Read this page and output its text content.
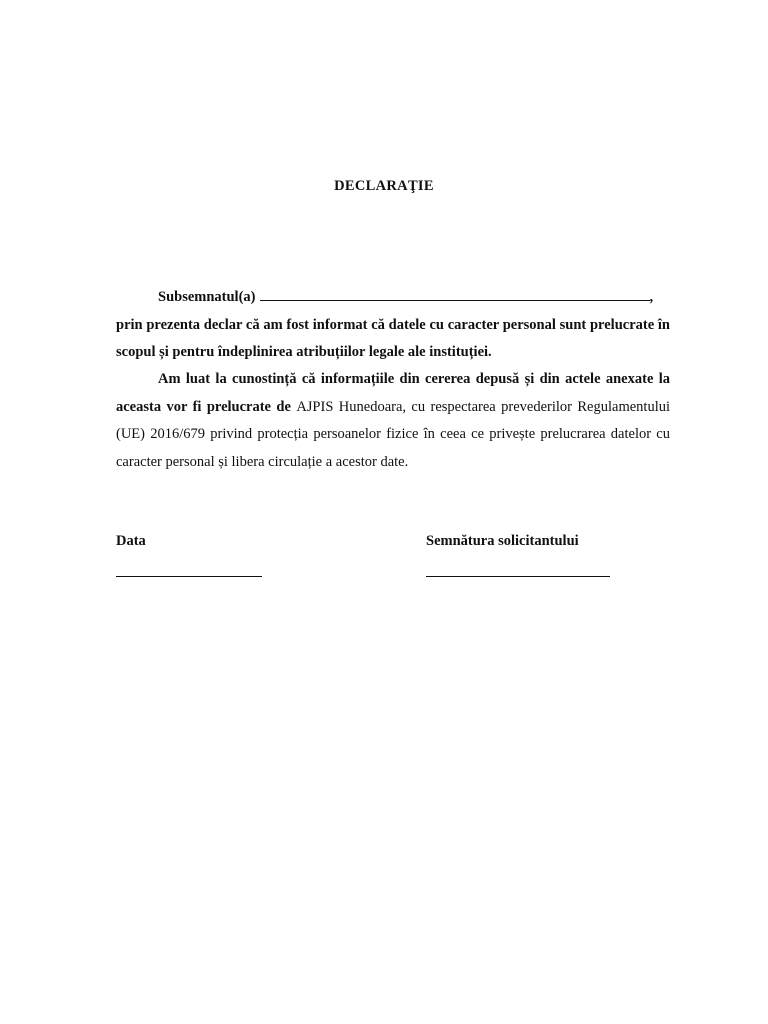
DECLARAŢIE
Subsemnatul(a)	, prin prezenta declar că am fost informat că datele cu caracter personal sunt prelucrate în scopul și pentru îndeplinirea atribuțiilor legale ale instituției.
Am luat la cunostință că informațiile din cererea depusă și din actele anexate la aceasta vor fi prelucrate de AJPIS Hunedoara, cu respectarea prevederilor Regulamentului (UE) 2016/679 privind protecția persoanelor fizice în ceea ce privește prelucrarea datelor cu caracter personal și libera circulație a acestor date.
Data	Semnătura solicitantului
